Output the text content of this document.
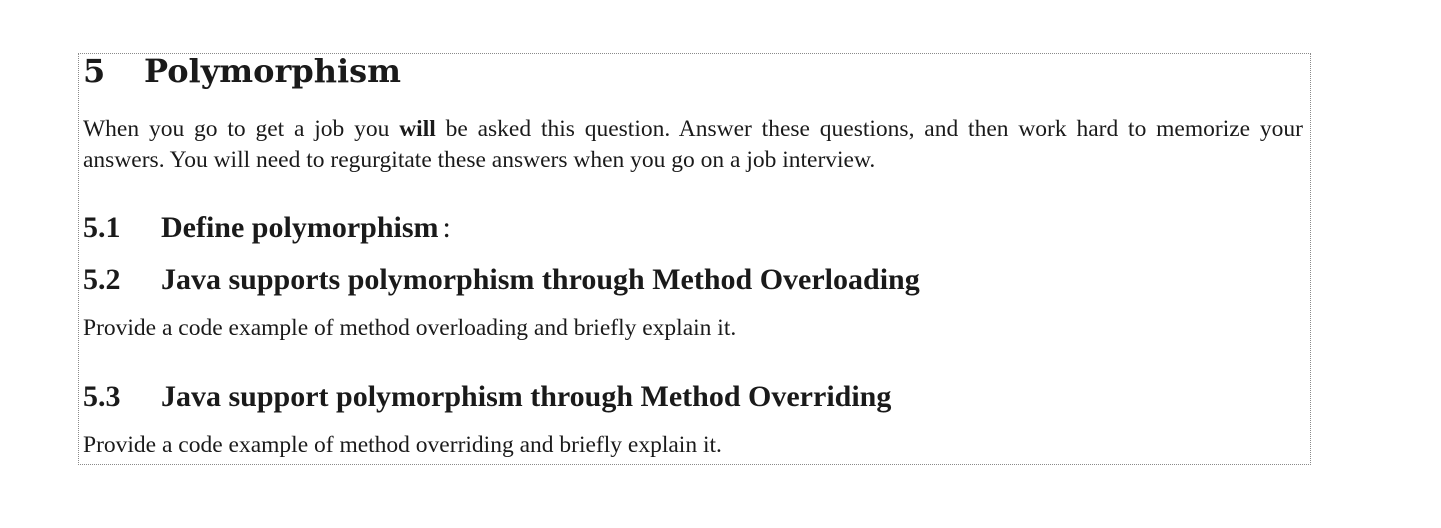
5 Polymorphism

When you go to get a job you will be asked this question. Answer these questions, and then work hard to memorize your answers. You will need to regurgitate these answers when you go on a job interview.

5.1 Define polymorphism :
5.2 Java supports polymorphism through Method Overloading

Provide a code example of method overloading and briefly explain it.

5.3 Java support polymorphism through Method Overriding

Provide a code example of method overriding and briefly explain it.
